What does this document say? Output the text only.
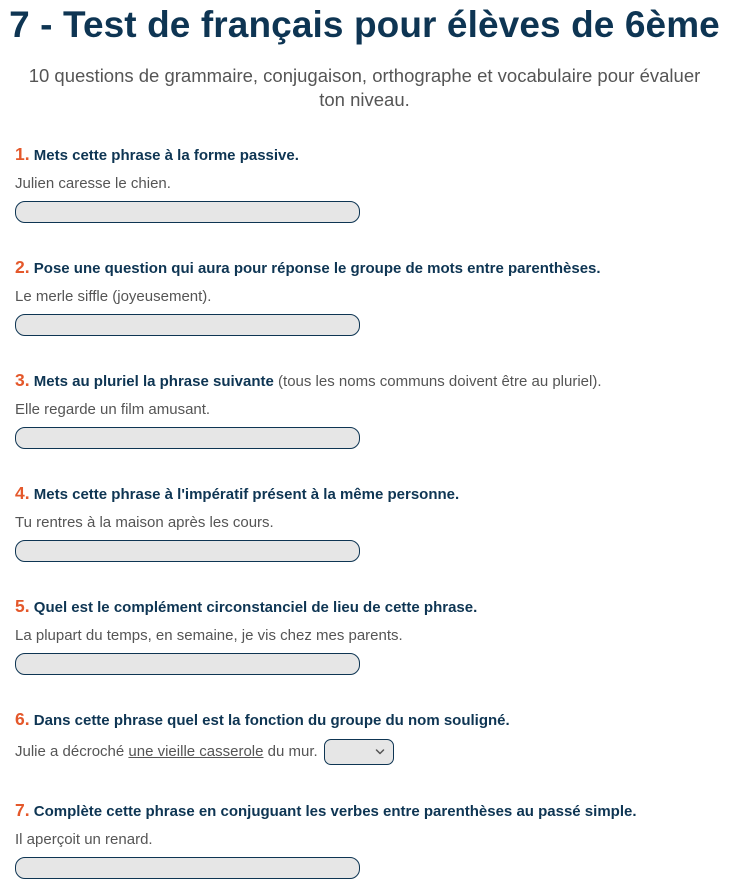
7 - Test de français pour élèves de 6ème
10 questions de grammaire, conjugaison, orthographe et vocabulaire pour évaluer ton niveau.
1. Mets cette phrase à la forme passive.
Julien caresse le chien.
2. Pose une question qui aura pour réponse le groupe de mots entre parenthèses.
Le merle siffle (joyeusement).
3. Mets au pluriel la phrase suivante (tous les noms communs doivent être au pluriel).
Elle regarde un film amusant.
4. Mets cette phrase à l'impératif présent à la même personne.
Tu rentres à la maison après les cours.
5. Quel est le complément circonstanciel de lieu de cette phrase.
La plupart du temps, en semaine, je vis chez mes parents.
6. Dans cette phrase quel est la fonction du groupe du nom souligné.
Julie a décroché une vieille casserole du mur.
7. Complète cette phrase en conjuguant les verbes entre parenthèses au passé simple.
Il aperçoit un renard.
